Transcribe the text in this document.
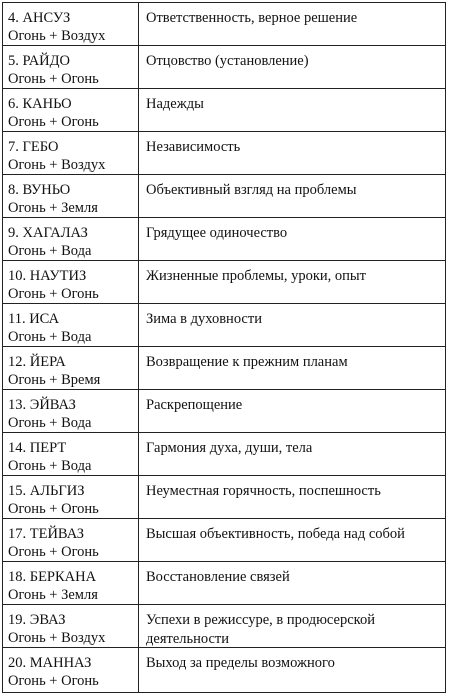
4. АНСУЗ
Огонь + Воздух
Ответственность, верное решение
5. РАЙДО
Огонь + Огонь
Отцовство (установление)
6. КАНЬО
Огонь + Огонь
Надежды
7. ГЕБО
Огонь + Воздух
Независимость
8. ВУНЬО
Огонь + Земля
Объективный взгляд на проблемы
9. ХАГАЛАЗ
Огонь + Вода
Грядущее одиночество
10. НАУТИЗ
Огонь + Огонь
Жизненные проблемы, уроки, опыт
11. ИСА
Огонь + Вода
Зима в духовности
12. ЙЕРА
Огонь + Время
Возвращение к прежним планам
13. ЭЙВАЗ
Огонь + Вода
Раскрепощение
14. ПЕРТ
Огонь + Вода
Гармония духа, души, тела
15. АЛЬГИЗ
Огонь + Огонь
Неуместная горячность, поспешность
17. ТЕЙВАЗ
Огонь + Огонь
Высшая объективность, победа над собой
18. БЕРКАНА
Огонь + Земля
Восстановление связей
19. ЭВАЗ
Огонь + Воздух
Успехи в режиссуре, в продюсерской деятельности
20. МАННАЗ
Огонь + Огонь
Выход за пределы возможного
